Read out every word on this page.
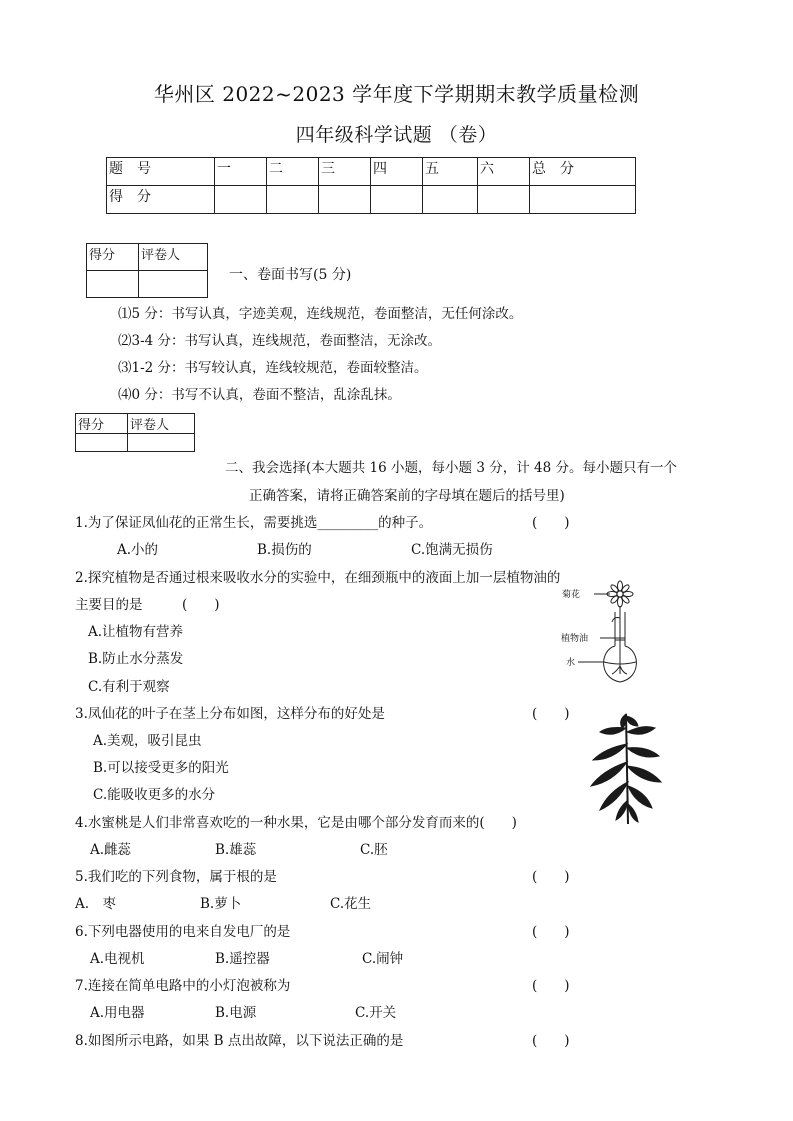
华州区 2022~2023 学年度下学期期末教学质量检测
四年级科学试题 （卷）
题　号	一	二	三	四	五	六	总　分
得　分							
得分	评卷人

一、卷面书写(5 分)
⑴5 分：书写认真，字迹美观，连线规范，卷面整洁，无任何涂改。
⑵3-4 分：书写认真，连线规范，卷面整洁，无涂改。
⑶1-2 分：书写较认真，连线较规范，卷面较整洁。
⑷0 分：书写不认真，卷面不整洁，乱涂乱抹。
得分	评卷人

二、我会选择(本大题共 16 小题，每小题 3 分，计 48 分。每小题只有一个
正确答案，请将正确答案前的字母填在题后的括号里)
1.为了保证凤仙花的正常生长，需要挑选_________的种子。	(　　)
A.小的	B.损伤的	C.饱满无损伤
2.探究植物是否通过根来吸收水分的实验中，在细颈瓶中的液面上加一层植物油的
主要目的是	(　　)
A.让植物有营养
B.防止水分蒸发
C.有利于观察
菊花
植物油
水
3.凤仙花的叶子在茎上分布如图，这样分布的好处是	(　　)
A.美观，吸引昆虫
B.可以接受更多的阳光
C.能吸收更多的水分
4.水蜜桃是人们非常喜欢吃的一种水果，它是由哪个部分发育而来的(　　)
A.雌蕊	B.雄蕊	C.胚
5.我们吃的下列食物，属于根的是	(　　)
A.　枣	B.萝卜	C.花生
6.下列电器使用的电来自发电厂的是	(　　)
A.电视机	B.遥控器	C.闹钟
7.连接在简单电路中的小灯泡被称为	(　　)
A.用电器	B.电源	C.开关
8.如图所示电路，如果 B 点出故障，以下说法正确的是	(　　)
